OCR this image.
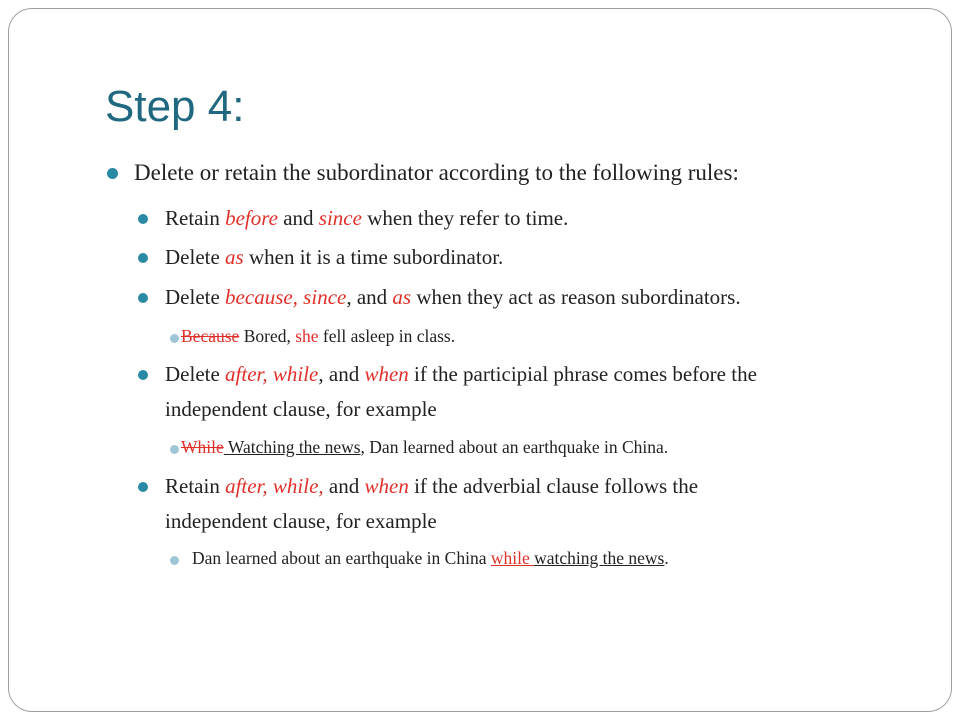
Step 4:
Delete or retain the subordinator according to the following rules:
Retain before and since when they refer to time.
Delete as when it is a time subordinator.
Delete because, since, and as when they act as reason subordinators.
Because Bored, she fell asleep in class.
Delete after, while, and when if the participial phrase comes before the
independent clause, for example
While Watching the news, Dan learned about an earthquake in China.
Retain after, while, and when if the adverbial clause follows the
independent clause, for example
Dan learned about an earthquake in China while watching the news.
